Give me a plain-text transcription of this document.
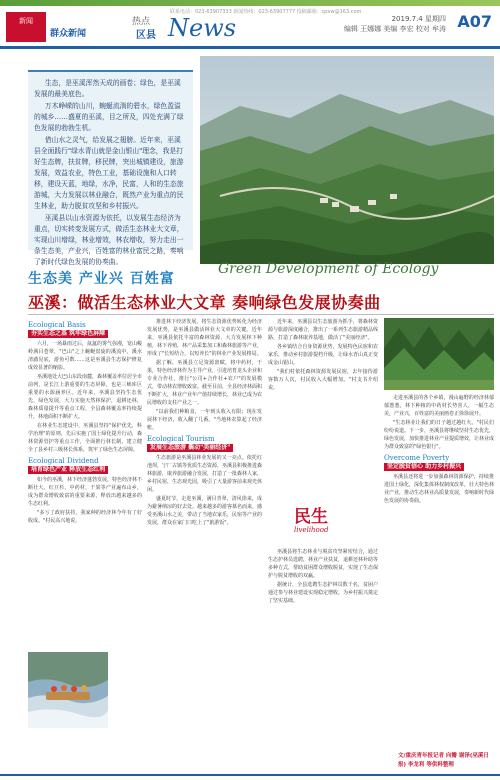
联系电话：023-63907333 新闻热线：023-63907777 投稿邮箱：qzxw@163.com
新闻
群众新闻
热点
区县 News	2019.7.4 星期四
编辑 王娜娜 美编 李宏 校对 牟涛 A07

生态，是巫溪浑然天成的画卷；绿色，是巫溪发展的最美底色。

万木峥嵘的山川，蜿蜒流淌的碧水，绿色盈溢的城乡……盛夏的巫溪，目之所及，四处充满了绿色发展的勃勃生机。

借山水之灵气，给发展之翅膀。近年来，巫溪县全面践行"绿水青山就是金山银山"理念，我是打好生态牌，扶贫牌，移民牌，突出城镇建设，旅游发展，效益农业，特色工业，基础设施和人口转移，建设天蓝，地绿，水净，民富，人和的生态旅游城，大力发展以林业融合，既然产业为重点的民生林业，助力脱贫攻坚和乡村振兴。

巫溪县以山水资源为依托，以发展生态经济为重点，切实转变发展方式，做活生态林业大文章，实现山川增绿，林业增效，林农增收，努力走出一条生态美，产业兴，百姓富的林业富民之路，奏响了新时代绿色发展的协奏曲。

生态美 产业兴 百姓富
Green Development of Ecology
巫溪：做活生态林业大文章 奏响绿色发展协奏曲
Ecological Basis
夯实生态之基 筑牢绿色屏障

六月，一场暴雨过后，氤氲的雾气弥漫，宽山峻岭满目苍翠，"巴山"之上蜿蜒盘旋的溪流中，溪水清澈见底，游鱼可数……这是巫溪县生态保护修复成效显著的缩影。

巫溪地处大巴山东段南麓，森林覆盖率位居全市前列，是长江上游重要的生态屏障，也是三峡库区重要的水源涵养区。近年来，巫溪县坚持生态优先，绿色发展，大力实施天然林保护，退耕还林，森林质量提升等重点工程，全县森林覆盖率持续提升，林地面积不断扩大。

在林业生态建设中，巫溪县坚持"保护优先，科学治理"的原则，先后实施了国土绿化提升行动，森林资源管护等重点工作，全面推行林长制，建立健全了县乡村三级林长体系，筑牢了绿色生态屏障。

Ecological Dividend
培育绿色产业 释放生态红利

如今的巫溪，林下经济蓬勃发展，特色经济林不断壮大，红豆杉，中药材，干果等产业遍布山乡，成为群众增收致富的重要来源，释放出越来越多的生态红利。

"多亏了政府扶持，我家种的经济林今年有了好收成。"村民高兴地说。

推进林下经济发展，将生态资源优势转化为经济发展优势，是巫溪县做活林业大文章的关键。近年来，巫溪县依托丰富的森林资源，大力发展林下种植，林下养殖，林产品采集加工和森林旅游等产业，形成了"长短结合，以短养长"的林业产业发展格局。

据了解，巫溪县立足资源禀赋，将中药材，干果，特色经济林作为主导产业，引进培育龙头企业和专业合作社，推行"公司+合作社+农户"的发展模式，带动林农增收致富。截至目前，全县经济林面积不断扩大，林业产业年产值持续增长，林业已成为农民增收的支柱产业之一。

"以前我们种粮食，一年到头收入有限；现在发展林下经济，收入翻了几番。"当地林农算起了经济账。

Ecological Tourism
发展生态旅游 撬动"美丽经济"

生态旅游是巫溪县林业发展的又一亮点。依托红池坝，宁厂古镇等优质生态资源，巫溪县积极推进森林旅游，康养旅游融合发展，打造了一批森林人家，乡村民宿，生态观光园，吸引了大量游客前来观光休闲。

盛夏时节，走进巫溪，满目青翠，清风徐来，成为避暑纳凉的好去处。越来越多的游客慕名而来，感受巫溪山水之美，带动了当地农家乐，民宿等产业的发展，群众在家门口吃上了"旅游饭"。

近年来，巫溪县以生态旅游为抓手，将森林资源与旅游深度融合，推出了一系列生态旅游精品线路，打造了森林康养基地，做活了"美丽经济"。

各乡镇结合自身资源优势，发展特色民宿和农家乐，推动乡村旅游提档升级，让绿水青山真正变成金山银山。

"我们村依托森林资源发展民宿，去年接待游客数万人次，村民收入大幅增加。"村支书介绍说。

民生
livelihood

巫溪县将生态林业与脱贫攻坚紧密结合，通过生态护林员选聘，林业产业扶贫，退耕还林补助等多种方式，帮助贫困群众增收脱贫，实现了生态保护与脱贫增收的双赢。

据统计，全县选聘生态护林员数千名，贫困户通过参与林业建设实现稳定增收，为乡村振兴奠定了坚实基础。

走进巫溪县的各个乡镇，漫山遍野的经济林郁郁葱葱，林下种植的中药材长势喜人，一幅生态美，产业兴，百姓富的美丽画卷正徐徐展开。

"生态林业让我们的日子越过越红火。"村民们纷纷说道。下一步，巫溪县将继续坚持生态优先，绿色发展，加快推进林业产业提质增效，让林业成为群众致富的"绿色银行"。

Overcome Poverty
坚定脱贫信心 助力乡村振兴

巫溪县还将进一步加强森林资源保护，持续推进国土绿化，深化集体林权制度改革，壮大特色林业产业，推动生态林业高质量发展，奏响新时代绿色发展的协奏曲。

文/重庆青年报记者 向瓣 谢泽(巫溪日报) 李龙利 等供料整理
